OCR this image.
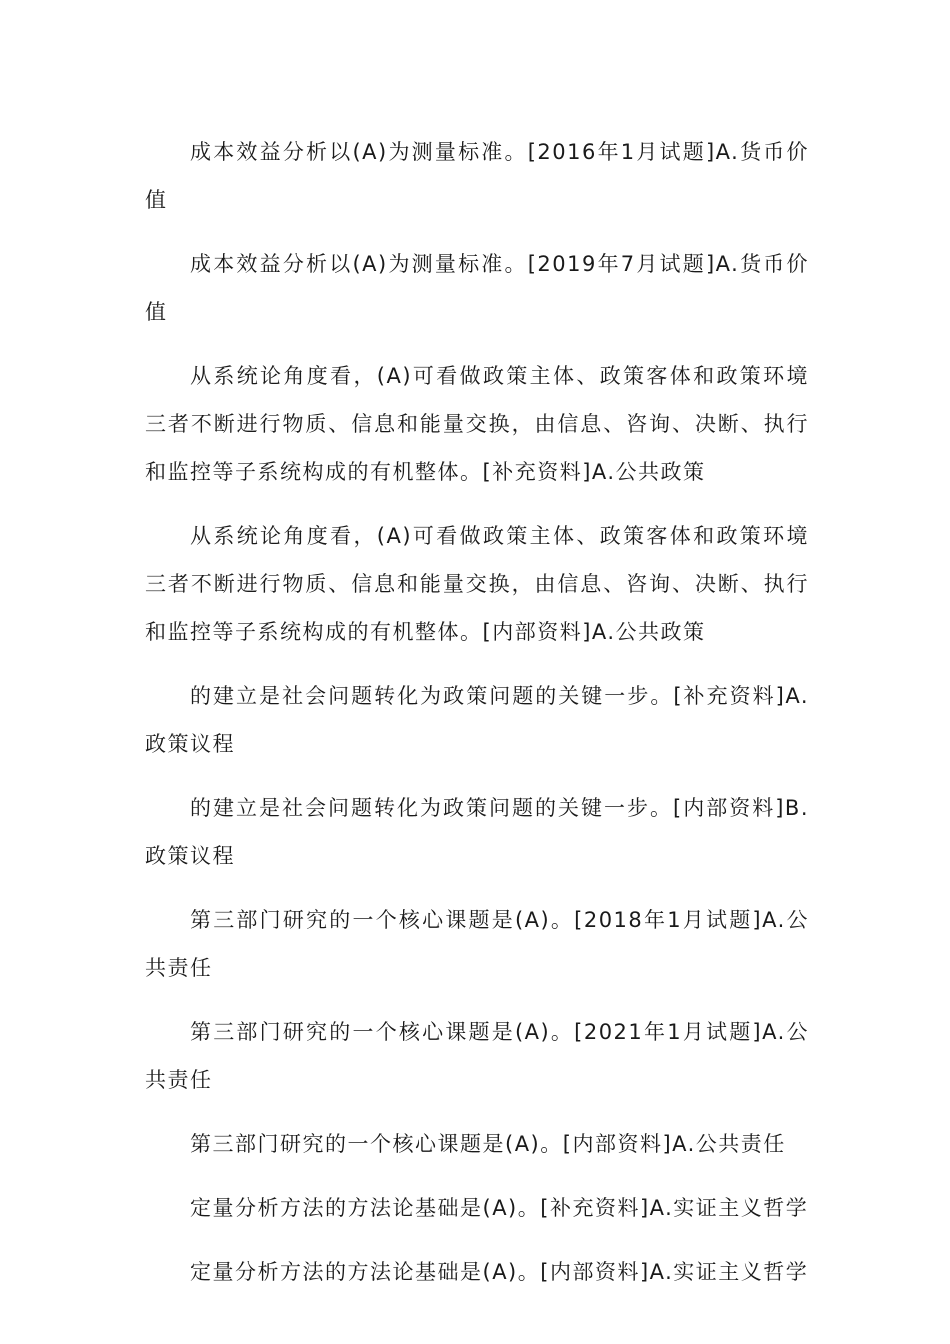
成本效益分析以(A)为测量标准。[2016年1月试题]A.货币价值

成本效益分析以(A)为测量标准。[2019年7月试题]A.货币价值

从系统论角度看，(A)可看做政策主体、政策客体和政策环境三者不断进行物质、信息和能量交换，由信息、咨询、决断、执行和监控等子系统构成的有机整体。[补充资料]A.公共政策

从系统论角度看，(A)可看做政策主体、政策客体和政策环境三者不断进行物质、信息和能量交换，由信息、咨询、决断、执行和监控等子系统构成的有机整体。[内部资料]A.公共政策

的建立是社会问题转化为政策问题的关键一步。[补充资料]A.政策议程

的建立是社会问题转化为政策问题的关键一步。[内部资料]B.政策议程

第三部门研究的一个核心课题是(A)。[2018年1月试题]A.公共责任

第三部门研究的一个核心课题是(A)。[2021年1月试题]A.公共责任

第三部门研究的一个核心课题是(A)。[内部资料]A.公共责任

定量分析方法的方法论基础是(A)。[补充资料]A.实证主义哲学

定量分析方法的方法论基础是(A)。[内部资料]A.实证主义哲学
